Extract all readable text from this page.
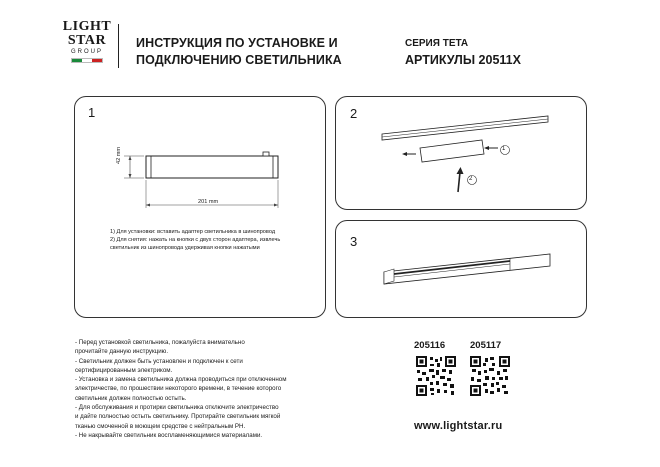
LIGHT
STAR
GROUP
ИНСТРУКЦИЯ ПО УСТАНОВКЕ И
ПОДКЛЮЧЕНИЮ СВЕТИЛЬНИКА
СЕРИЯ TETA
АРТИКУЛЫ 20511X
1
42 mm
201 mm
1) Для установки: вставить адаптер светильника в шинопровод
2) Для снятия: нажать на кнопки с двух сторон адаптера, извлечь
светильник из шинопровода удерживая кнопки нажатыми
2
1
2
3
- Перед установкой светильника, пожалуйста внимательно
прочитайте данную инструкцию.
- Светильник должен быть установлен и подключен к сети
сертифицированным электриком.
- Установка и замена светильника должна проводиться при отключенном
электричестве, по прошествии некоторого времени, в течение которого
светильник должен полностью остыть.
- Для обслуживания и протирки светильника отключите электричество
и дайте полностью остыть светильнику. Протирайте светильник мягкой
тканью смоченной в моющем средстве с нейтральным PH.
- Не накрывайте светильник воспламеняющимися материалами.
205116	205117
www.lightstar.ru
